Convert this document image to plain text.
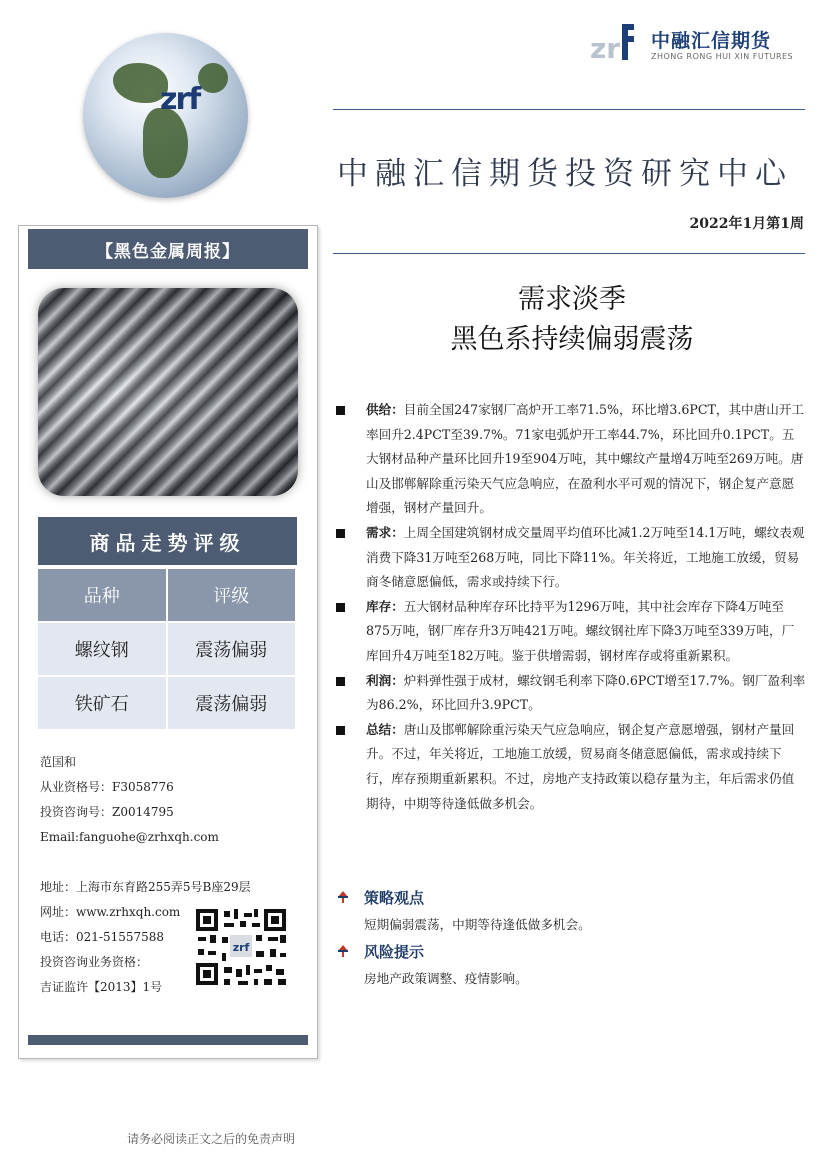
zrf
zr 中融汇信期货
ZHONG RONG HUI XIN FUTURES
中融汇信期货投资研究中心
2022年1月第1周
【黑色金属周报】
商品走势评级
品种	评级
螺纹钢	震荡偏弱
铁矿石	震荡偏弱
范国和
从业资格号：F3058776
投资咨询号：Z0014795
Email:fanguohe@zrhxqh.com
地址：上海市东育路255弄5号B座29层
网址：www.zrhxqh.com
电话：021-51557588
投资咨询业务资格：
吉证监许【2013】1号
zrf
需求淡季
黑色系持续偏弱震荡
供给：目前全国247家钢厂高炉开工率71.5%，环比增3.6PCT，其中唐山开工率回升2.4PCT至39.7%。71家电弧炉开工率44.7%，环比回升0.1PCT。五大钢材品种产量环比回升19至904万吨，其中螺纹产量增4万吨至269万吨。唐山及邯郸解除重污染天气应急响应，在盈利水平可观的情况下，钢企复产意愿增强，钢材产量回升。
需求：上周全国建筑钢材成交量周平均值环比减1.2万吨至14.1万吨，螺纹表观消费下降31万吨至268万吨，同比下降11%。年关将近，工地施工放缓，贸易商冬储意愿偏低，需求或持续下行。
库存：五大钢材品种库存环比持平为1296万吨，其中社会库存下降4万吨至875万吨，钢厂库存升3万吨421万吨。螺纹钢社库下降3万吨至339万吨，厂库回升4万吨至182万吨。鉴于供增需弱，钢材库存或将重新累积。
利润：炉料弹性强于成材，螺纹钢毛利率下降0.6PCT增至17.7%。钢厂盈利率为86.2%，环比回升3.9PCT。
总结：唐山及邯郸解除重污染天气应急响应，钢企复产意愿增强，钢材产量回升。不过，年关将近，工地施工放缓，贸易商冬储意愿偏低，需求或持续下行，库存预期重新累积。不过，房地产支持政策以稳存量为主，年后需求仍值期待，中期等待逢低做多机会。
策略观点
短期偏弱震荡，中期等待逢低做多机会。
风险提示
房地产政策调整、疫情影响。
请务必阅读正文之后的免责声明
